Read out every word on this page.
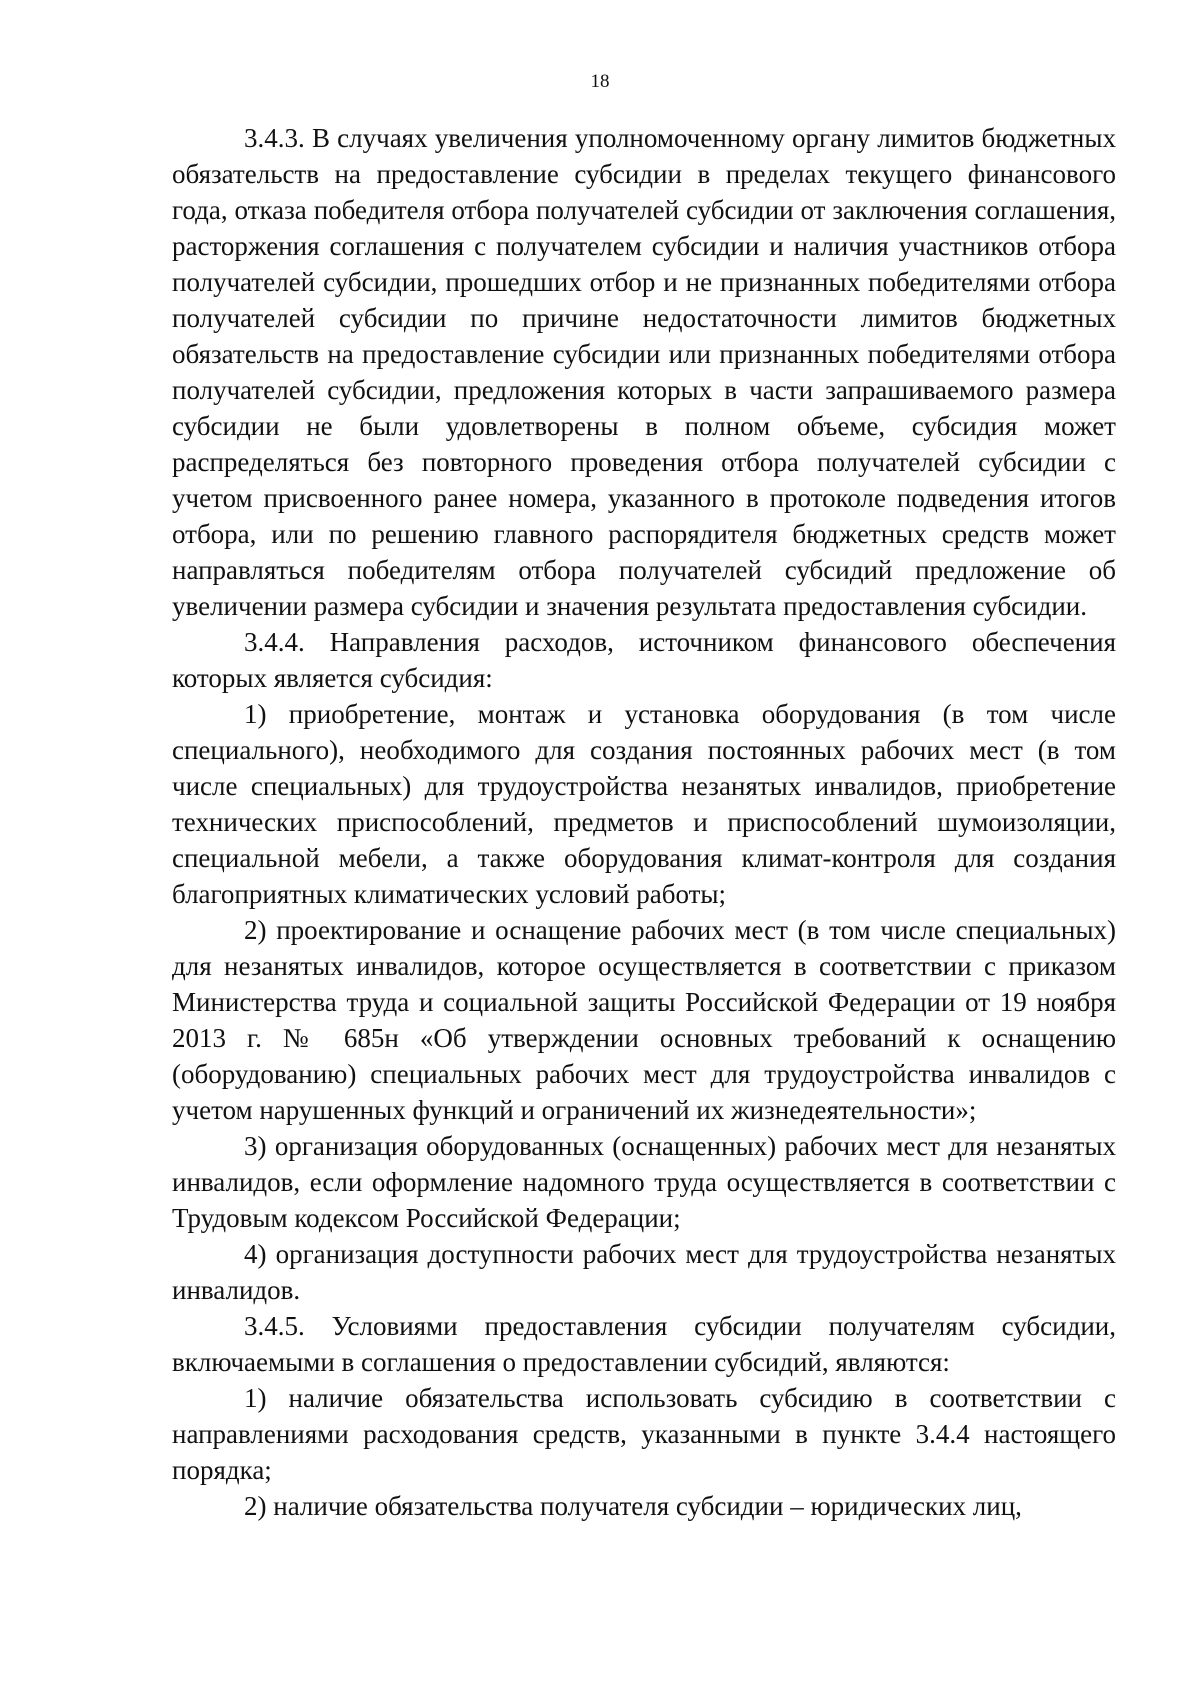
18

3.4.3. В случаях увеличения уполномоченному органу лимитов бюджетных обязательств на предоставление субсидии в пределах текущего финансового года, отказа победителя отбора получателей субсидии от заключения соглашения, расторжения соглашения с получателем субсидии и наличия участников отбора получателей субсидии, прошедших отбор и не признанных победителями отбора получателей субсидии по причине недостаточности лимитов бюджетных обязательств на предоставление субсидии или признанных победителями отбора получателей субсидии, предложения которых в части запрашиваемого размера субсидии не были удовлетворены в полном объеме, субсидия может распределяться без повторного проведения отбора получателей субсидии с учетом присвоенного ранее номера, указанного в протоколе подведения итогов отбора, или по решению главного распорядителя бюджетных средств может направляться победителям отбора получателей субсидий предложение об увеличении размера субсидии и значения результата предоставления субсидии.

3.4.4. Направления расходов, источником финансового обеспечения которых является субсидия:

1) приобретение, монтаж и установка оборудования (в том числе специального), необходимого для создания постоянных рабочих мест (в том числе специальных) для трудоустройства незанятых инвалидов, приобретение технических приспособлений, предметов и приспособлений шумоизоляции, специальной мебели, а также оборудования климат-контроля для создания благоприятных климатических условий работы;

2) проектирование и оснащение рабочих мест (в том числе специальных) для незанятых инвалидов, которое осуществляется в соответствии с приказом Министерства труда и социальной защиты Российской Федерации от 19 ноября 2013 г. № 685н «Об утверждении основных требований к оснащению (оборудованию) специальных рабочих мест для трудоустройства инвалидов с учетом нарушенных функций и ограничений их жизнедеятельности»;

3) организация оборудованных (оснащенных) рабочих мест для незанятых инвалидов, если оформление надомного труда осуществляется в соответствии с Трудовым кодексом Российской Федерации;

4) организация доступности рабочих мест для трудоустройства незанятых инвалидов.

3.4.5. Условиями предоставления субсидии получателям субсидии, включаемыми в соглашения о предоставлении субсидий, являются:

1) наличие обязательства использовать субсидию в соответствии с направлениями расходования средств, указанными в пункте 3.4.4 настоящего порядка;

2) наличие обязательства получателя субсидии – юридических лиц,
